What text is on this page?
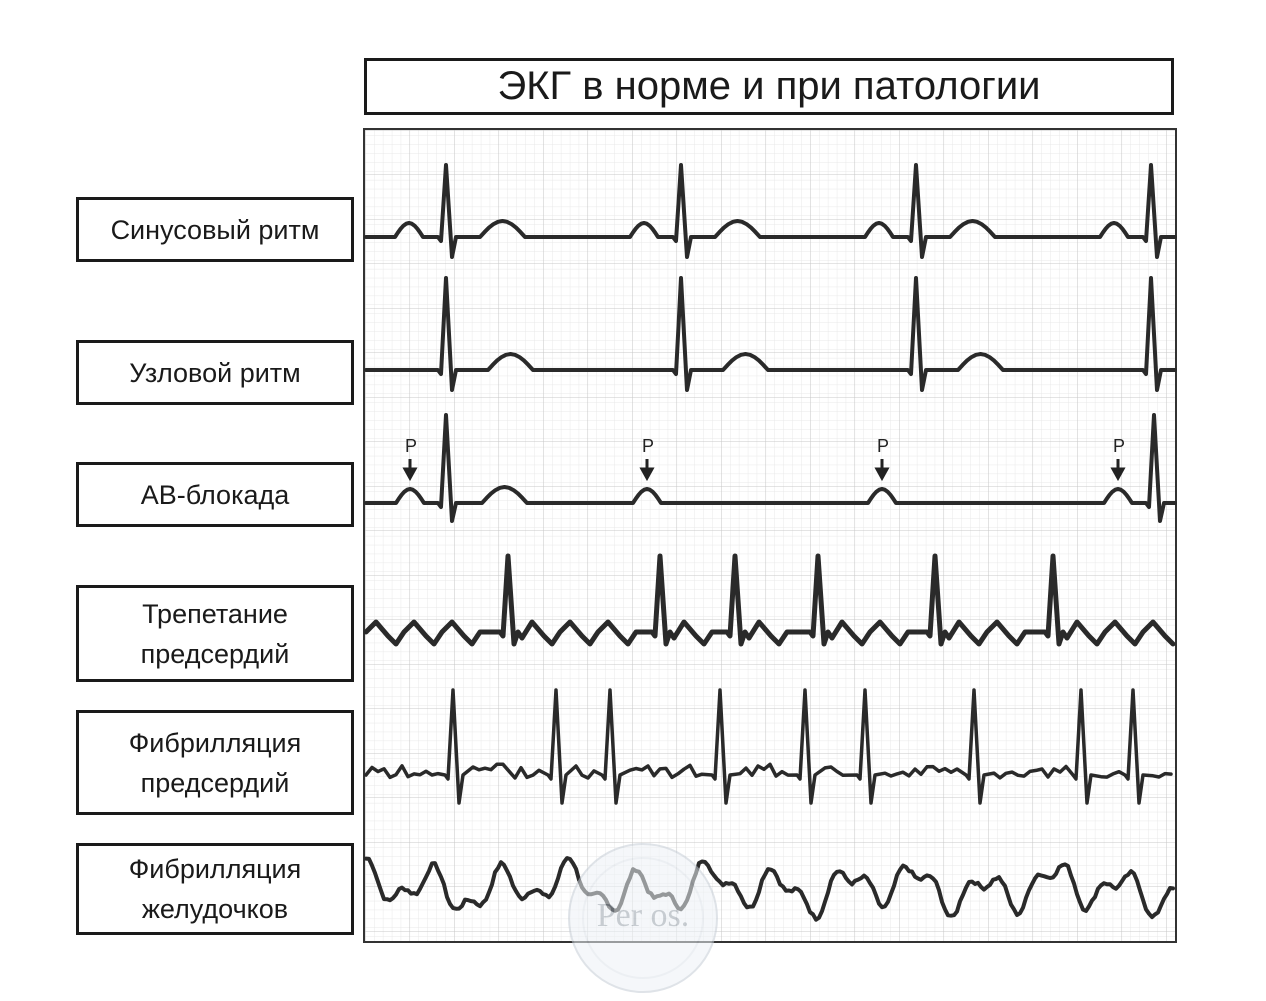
ЭКГ в норме и при патологии
Синусовый ритм
Узловой ритм
АВ-блокада
Трепетание предсердий
Фибрилляция предсердий
Фибрилляция желудочков
P	P	P	P
Per os.
